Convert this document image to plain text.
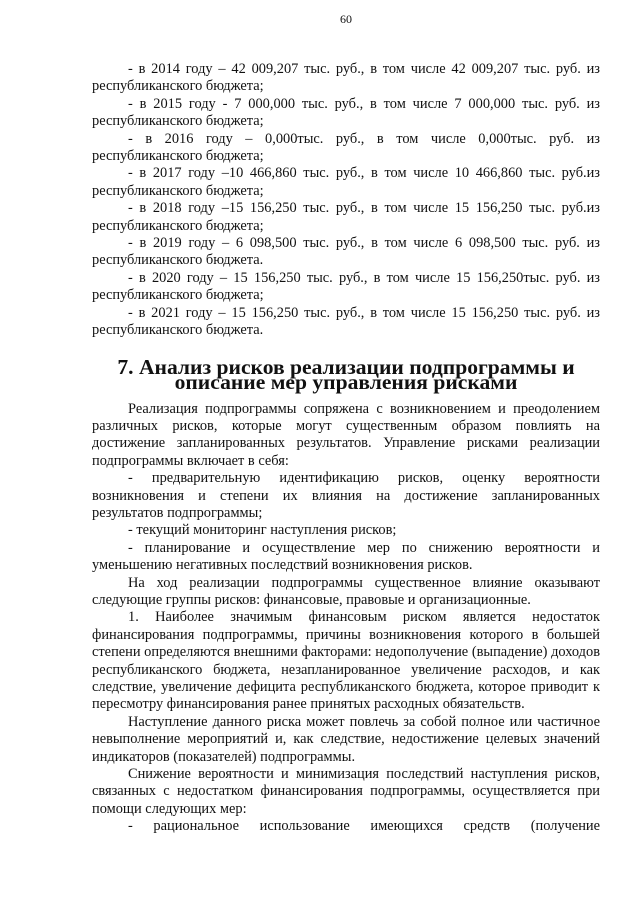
60

- в 2014 году – 42 009,207 тыс. руб., в том числе 42 009,207 тыс. руб. из республиканского бюджета;

- в 2015 году - 7 000,000 тыс. руб., в том числе 7 000,000 тыс. руб. из республиканского бюджета;

- в 2016 году – 0,000тыс. руб., в том числе 0,000тыс. руб. из республиканского бюджета;

- в 2017 году –10 466,860 тыс. руб., в том числе 10 466,860 тыс. руб.из республиканского бюджета;

- в 2018 году –15 156,250 тыс. руб., в том числе 15 156,250 тыс. руб.из республиканского бюджета;

- в 2019 году – 6 098,500 тыс. руб., в том числе 6 098,500 тыс. руб. из республиканского бюджета.

- в 2020 году – 15 156,250 тыс. руб., в том числе 15 156,250тыс. руб. из республиканского бюджета;

- в 2021 году – 15 156,250 тыс. руб., в том числе 15 156,250 тыс. руб. из республиканского бюджета.

7. Анализ рисков реализации подпрограммы и описание мер управления рисками

Реализация подпрограммы сопряжена с возникновением и преодолением различных рисков, которые могут существенным образом повлиять на достижение запланированных результатов. Управление рисками реализации подпрограммы включает в себя:

- предварительную идентификацию рисков, оценку вероятности возникновения и степени их влияния на достижение запланированных результатов подпрограммы;

- текущий мониторинг наступления рисков;

- планирование и осуществление мер по снижению вероятности и уменьшению негативных последствий возникновения рисков.

На ход реализации подпрограммы существенное влияние оказывают следующие группы рисков: финансовые, правовые и организационные.

1. Наиболее значимым финансовым риском является недостаток финансирования подпрограммы, причины возникновения которого в большей степени определяются внешними факторами: недополучение (выпадение) доходов республиканского бюджета, незапланированное увеличение расходов, и как следствие, увеличение дефицита республиканского бюджета, которое приводит к пересмотру финансирования ранее принятых расходных обязательств.

Наступление данного риска может повлечь за собой полное или частичное невыполнение мероприятий и, как следствие, недостижение целевых значений индикаторов (показателей) подпрограммы.

Снижение вероятности и минимизация последствий наступления рисков, связанных с недостатком финансирования подпрограммы, осуществляется при помощи следующих мер:

- рациональное использование имеющихся средств (получение
